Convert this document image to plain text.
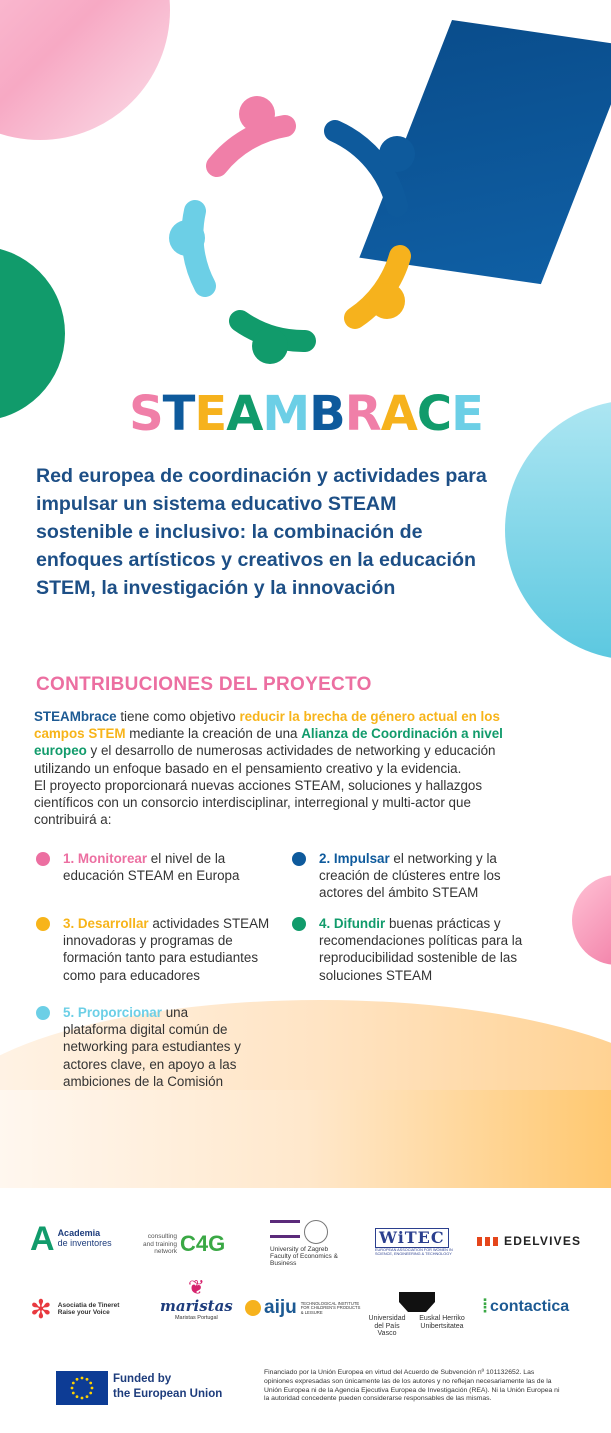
S T E A M B R A C E
Red europea de coordinación y actividades para impulsar un sistema educativo STEAM sostenible e inclusivo: la combinación de enfoques artísticos y creativos en la educación STEM, la investigación y la innovación
CONTRIBUCIONES DEL PROYECTO
STEAMbrace tiene como objetivo reducir la brecha de género actual en los campos STEM mediante la creación de una Alianza de Coordinación a nivel europeo y el desarrollo de numerosas actividades de networking y educación utilizando un enfoque basado en el pensamiento creativo y la evidencia.
El proyecto proporcionará nuevas acciones STEAM, soluciones y hallazgos científicos con un consorcio interdisciplinar, interregional y multi-actor que contribuirá a:
1. Monitorear el nivel de la educación STEAM en Europa
2. Impulsar el networking y la creación de clústeres entre los actores del ámbito STEAM
3. Desarrollar actividades STEAM innovadoras y programas de formación tanto para estudiantes como para educadores
4. Difundir buenas prácticas y recomendaciones políticas para la reproducibilidad sostenible de las soluciones STEAM
5. Proporcionar una plataforma digital común de networking para estudiantes y actores clave, en apoyo a las ambiciones de la Comisión
A Academia
de inventores
consulting and training network C4G	University of Zagreb
Faculty of Economics & Business
WiTEC
EUROPEAN ASSOCIATION FOR WOMEN IN SCIENCE, ENGINEERING & TECHNOLOGY
EDELVIVES
✻ Asociatia de Tineret
Raise your Voice
❦
maristas
Maristas Portugal aiju TECHNOLOGICAL INSTITUTE FOR CHILDREN'S PRODUCTS & LEISURE
Universidad del País Vasco
Euskal Herriko Unibertsitatea
⦙ contactica
Funded by
the European Union
Financiado por la Unión Europea en virtud del Acuerdo de Subvención nº 101132652. Las opiniones expresadas son únicamente las de los autores y no reflejan necesariamente las de la Unión Europea ni de la Agencia Ejecutiva Europea de Investigación (REA). Ni la Unión Europea ni la autoridad concedente pueden considerarse responsables de las mismas.
